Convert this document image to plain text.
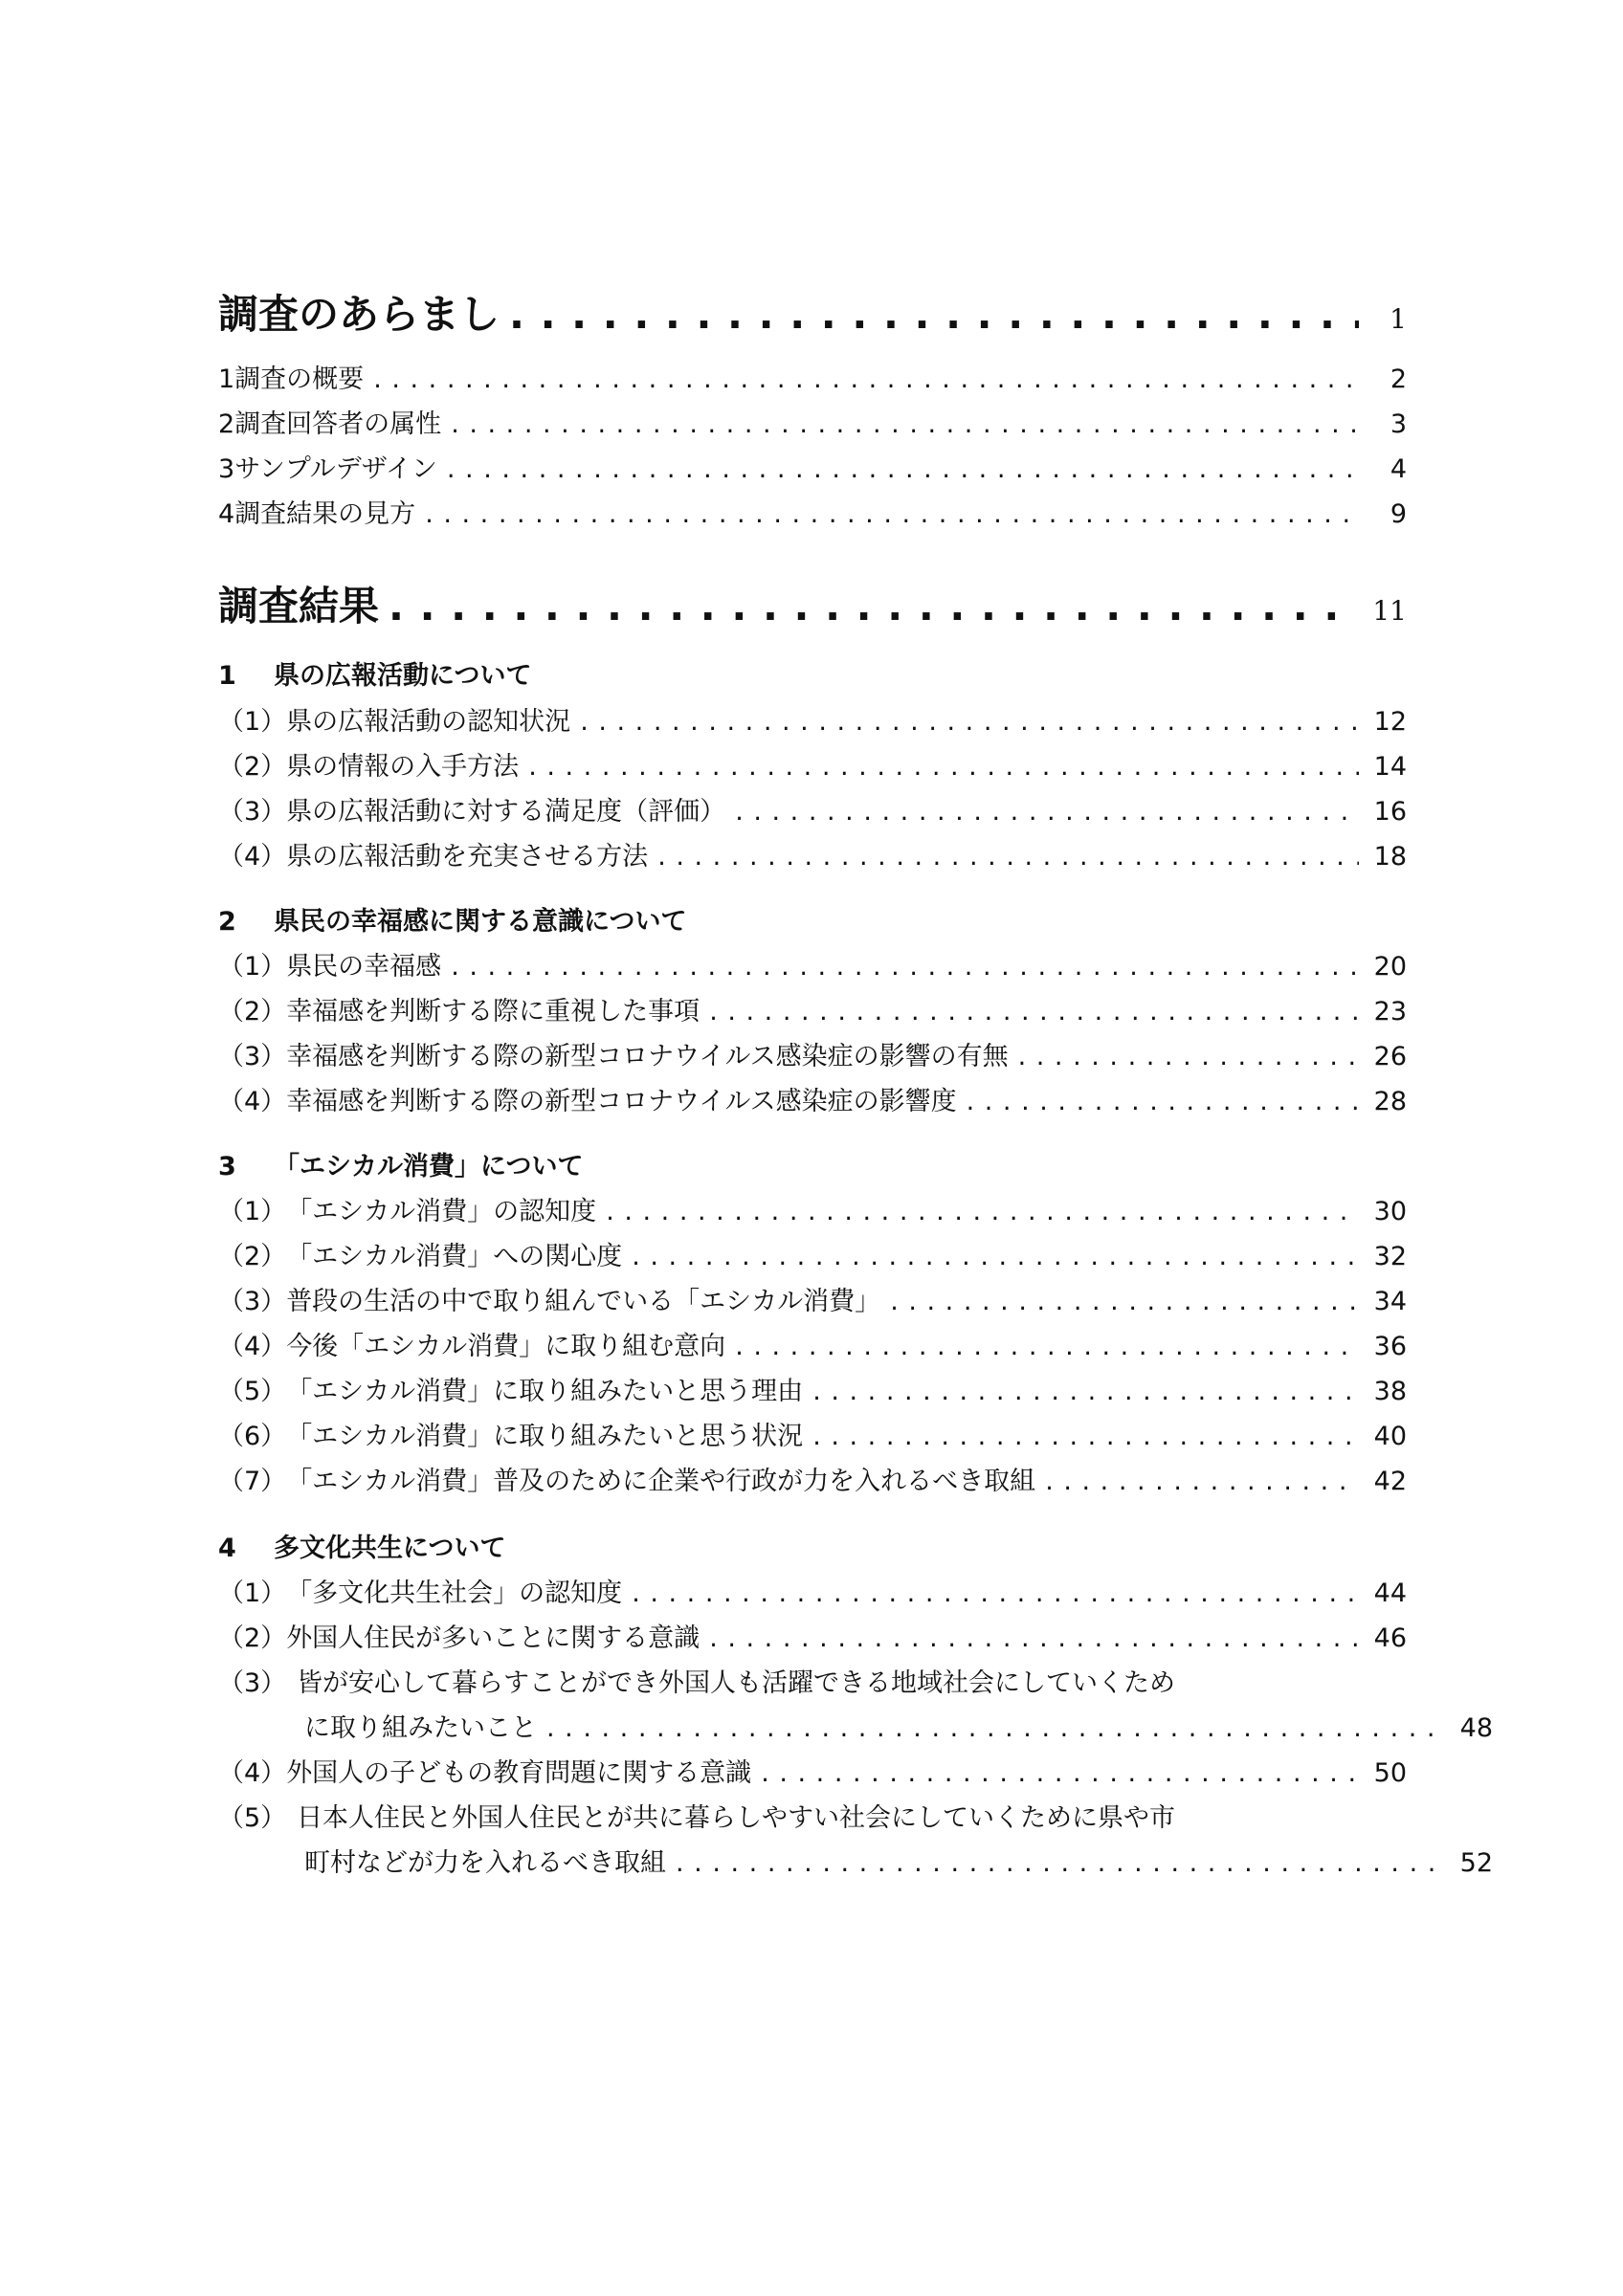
調査のあらまし . . .	1
1 調査の概要 . . .	2
2 調査回答者の属性 . . .	3
3 サンプルデザイン . . .	4
4 調査結果の見方 . . .	9
調査結果 . . .	11
1	県の広報活動について
（1） 県の広報活動の認知状況 . . .	12
（2） 県の情報の入手方法 . . .	14
（3） 県の広報活動に対する満足度（評価） . . .	16
（4） 県の広報活動を充実させる方法 . . .	18
2	県民の幸福感に関する意識について
（1） 県民の幸福感 . . .	20
（2） 幸福感を判断する際に重視した事項 . . .	23
（3） 幸福感を判断する際の新型コロナウイルス感染症の影響の有無 . . .	26
（4） 幸福感を判断する際の新型コロナウイルス感染症の影響度 . . .	28
3	「エシカル消費」について
（1） 「エシカル消費」の認知度 . . .	30
（2） 「エシカル消費」への関心度 . . .	32
（3） 普段の生活の中で取り組んでいる「エシカル消費」 . . .	34
（4） 今後「エシカル消費」に取り組む意向 . . .	36
（5） 「エシカル消費」に取り組みたいと思う理由 . . .	38
（6） 「エシカル消費」に取り組みたいと思う状況 . . .	40
（7） 「エシカル消費」普及のために企業や行政が力を入れるべき取組 . . .	42
4	多文化共生について
（1） 「多文化共生社会」の認知度 . . .	44
（2） 外国人住民が多いことに関する意識 . . .	46
（3） 皆が安心して暮らすことができ外国人も活躍できる地域社会にしていくため
に取り組みたいこと . . .	48
（4） 外国人の子どもの教育問題に関する意識 . . .	50
（5） 日本人住民と外国人住民とが共に暮らしやすい社会にしていくために県や市
町村などが力を入れるべき取組 . . .	52
